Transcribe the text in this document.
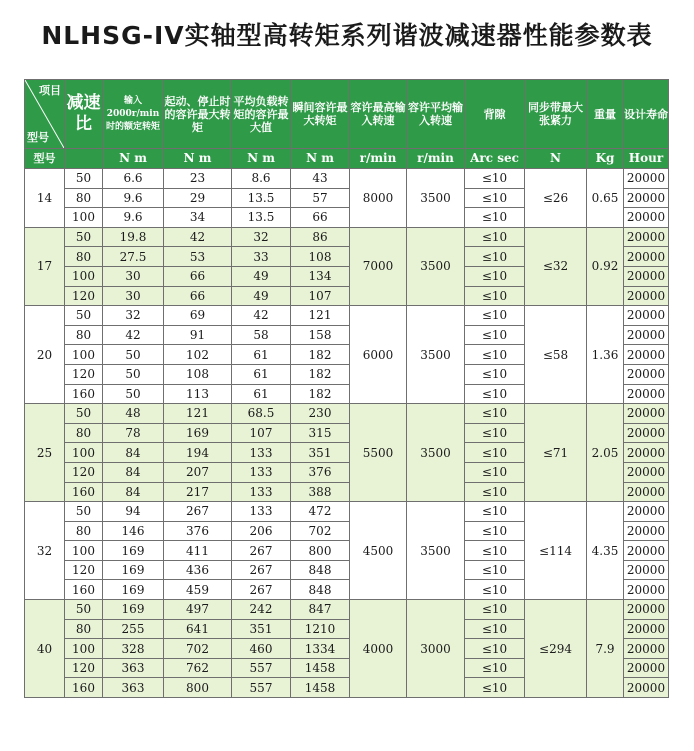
NLHSG-IV实轴型高转矩系列谐波减速器性能参数表
项目
型号	减速比	输入2000r/min时的额定转矩	起动、停止时的容许最大转矩	平均负载转矩的容许最大值	瞬间容许最大转矩	容许最高输入转速	容许平均输入转速	背隙	同步带最大张紧力	重量	设计寿命
型号		N m	N m	N m	N m	r/min	r/min	Arc sec	N	Kg	Hour
14	50	6.6	23	8.6	43	8000	3500	≤10	≤26	0.65	20000
	80	9.6	29	13.5	57			≤10			20000
	100	9.6	34	13.5	66			≤10			20000
17	50	19.8	42	32	86	7000	3500	≤10	≤32	0.92	20000
	80	27.5	53	33	108			≤10			20000
	100	30	66	49	134			≤10			20000
	120	30	66	49	107			≤10			20000
20	50	32	69	42	121	6000	3500	≤10	≤58	1.36	20000
	80	42	91	58	158			≤10			20000
	100	50	102	61	182			≤10			20000
	120	50	108	61	182			≤10			20000
	160	50	113	61	182			≤10			20000
25	50	48	121	68.5	230	5500	3500	≤10	≤71	2.05	20000
	80	78	169	107	315			≤10			20000
	100	84	194	133	351			≤10			20000
	120	84	207	133	376			≤10			20000
	160	84	217	133	388			≤10			20000
32	50	94	267	133	472	4500	3500	≤10	≤114	4.35	20000
	80	146	376	206	702			≤10			20000
	100	169	411	267	800			≤10			20000
	120	169	436	267	848			≤10			20000
	160	169	459	267	848			≤10			20000
40	50	169	497	242	847	4000	3000	≤10	≤294	7.9	20000
	80	255	641	351	1210			≤10			20000
	100	328	702	460	1334			≤10			20000
	120	363	762	557	1458			≤10			20000
	160	363	800	557	1458			≤10			20000
